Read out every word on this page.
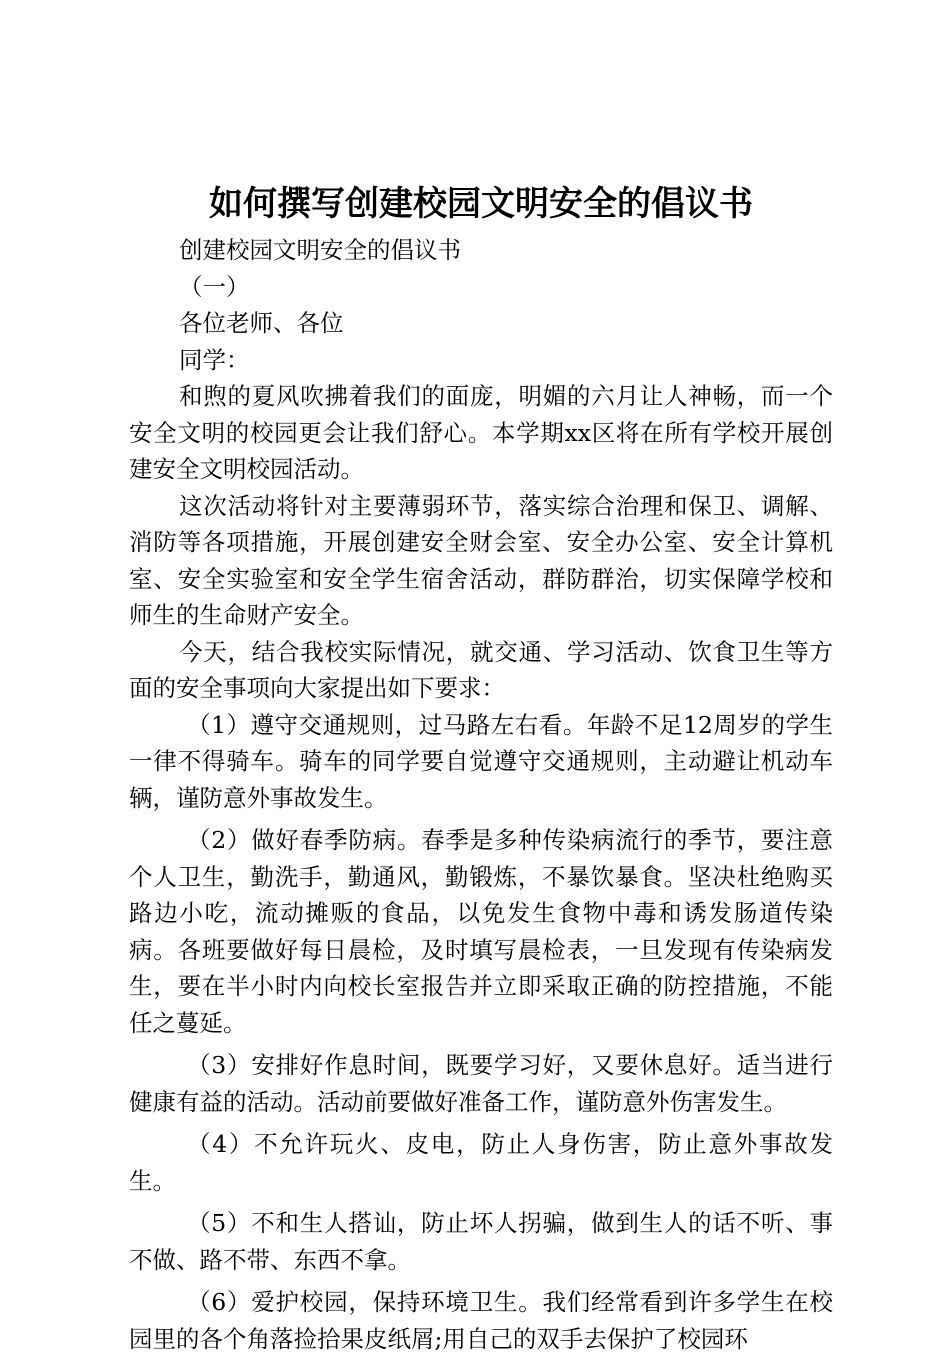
如何撰写创建校园文明安全的倡议书

创建校园文明安全的倡议书

（一）

各位老师、各位

同学：

和煦的夏风吹拂着我们的面庞，明媚的六月让人神畅，而一个安全文明的校园更会让我们舒心。本学期xx区将在所有学校开展创建安全文明校园活动。

这次活动将针对主要薄弱环节，落实综合治理和保卫、调解、消防等各项措施，开展创建安全财会室、安全办公室、安全计算机室、安全实验室和安全学生宿舍活动，群防群治，切实保障学校和师生的生命财产安全。

今天，结合我校实际情况，就交通、学习活动、饮食卫生等方面的安全事项向大家提出如下要求：

（1）遵守交通规则，过马路左右看。年龄不足12周岁的学生一律不得骑车。骑车的同学要自觉遵守交通规则，主动避让机动车辆，谨防意外事故发生。

（2）做好春季防病。春季是多种传染病流行的季节，要注意个人卫生，勤洗手，勤通风，勤锻炼，不暴饮暴食。坚决杜绝购买路边小吃，流动摊贩的食品，以免发生食物中毒和诱发肠道传染病。各班要做好每日晨检，及时填写晨检表，一旦发现有传染病发生，要在半小时内向校长室报告并立即采取正确的防控措施，不能任之蔓延。

（3）安排好作息时间，既要学习好，又要休息好。适当进行健康有益的活动。活动前要做好准备工作，谨防意外伤害发生。

（4）不允许玩火、皮电，防止人身伤害，防止意外事故发生。

（5）不和生人搭讪，防止坏人拐骗，做到生人的话不听、事不做、路不带、东西不拿。

（6）爱护校园，保持环境卫生。我们经常看到许多学生在校园里的各个角落捡拾果皮纸屑;用自己的双手去保护了校园环
